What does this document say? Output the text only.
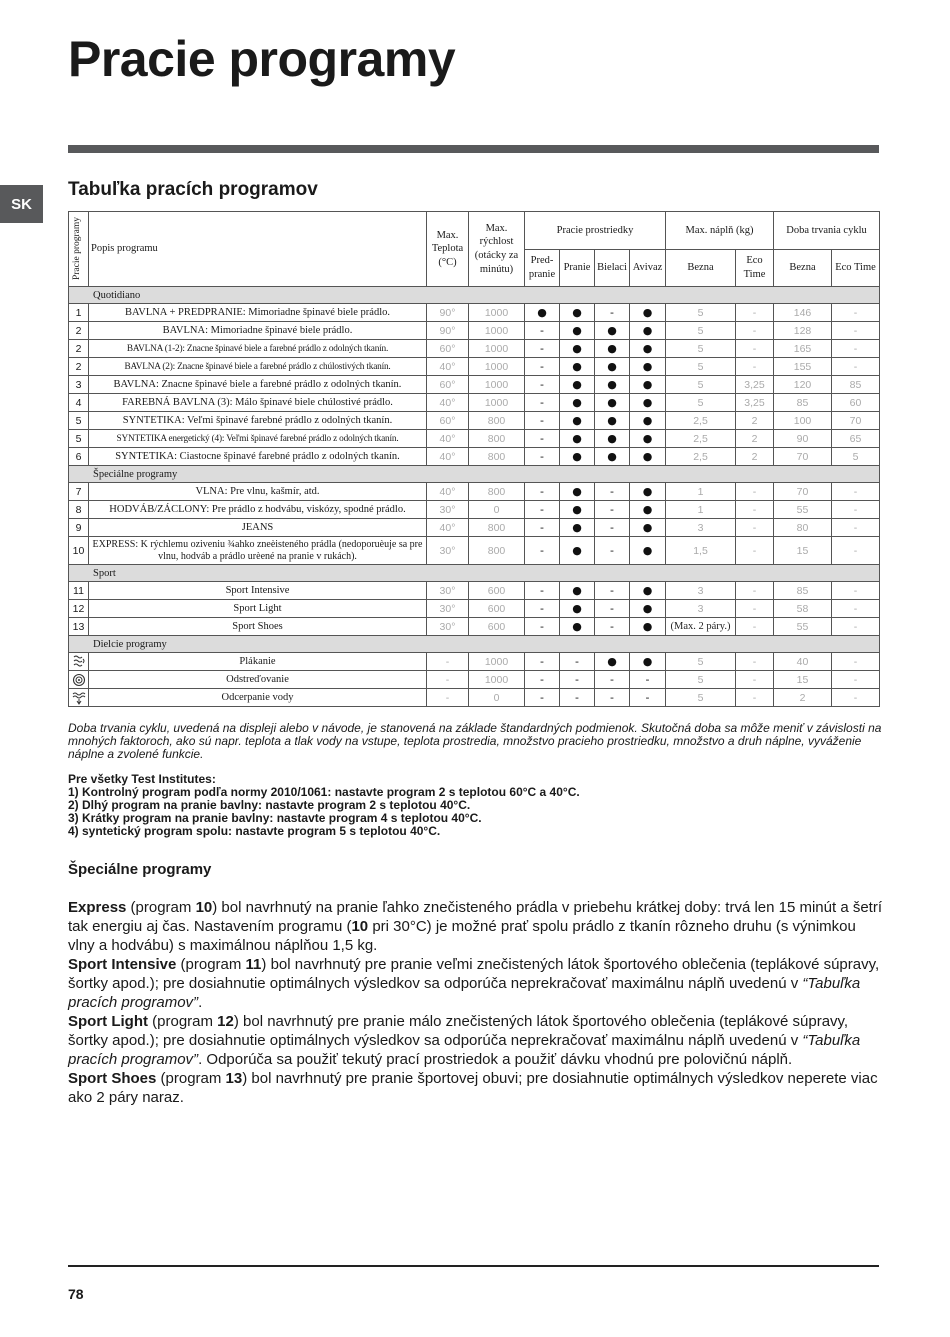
Pracie programy
SK
Tabuľka pracích programov
Pracie programy	Popis programu	Max. Teplota (°C)	Max. rýchlost (otácky za minútu)	Pracie prostriedky				Max. náplň (kg)		Doba trvania cyklu	
				Pred-pranie	Pranie	Bielaci	Avivaz	Bezna	Eco Time	Bezna	Eco Time
Quotidiano											
1	BAVLNA + PREDPRANIE: Mimoriadne špinavé biele prádlo.	90°	1000	●	●	-	●	5	-	146	-
2	BAVLNA: Mimoriadne špinavé biele prádlo.	90°	1000	-	●	●	●	5	-	128	-
2	BAVLNA (1-2): Znacne špinavé biele a farebné prádlo z odolných tkanín.	60°	1000	-	●	●	●	5	-	165	-
2	BAVLNA (2): Znacne špinavé biele a farebné prádlo z chúlostivých tkanín.	40°	1000	-	●	●	●	5	-	155	-
3	BAVLNA: Znacne špinavé biele a farebné prádlo z odolných tkanín.	60°	1000	-	●	●	●	5	3,25	120	85
4	FAREBNÁ BAVLNA (3): Málo špinavé biele chúlostivé prádlo.	40°	1000	-	●	●	●	5	3,25	85	60
5	SYNTETIKA: Veľmi špinavé farebné prádlo z odolných tkanín.	60°	800	-	●	●	●	2,5	2	100	70
5	SYNTETIKA energetický (4): Veľmi špinavé farebné prádlo z odolných tkanín.	40°	800	-	●	●	●	2,5	2	90	65
6	SYNTETIKA: Ciastocne špinavé farebné prádlo z odolných tkanín.	40°	800	-	●	●	●	2,5	2	70	5
Špeciálne programy											
7	VLNA: Pre vlnu, kašmír, atd.	40°	800	-	●	-	●	1	-	70	-
8	HODVÁB/ZÁCLONY: Pre prádlo z hodvábu, viskózy, spodné prádlo.	30°	0	-	●	-	●	1	-	55	-
9	JEANS	40°	800	-	●	-	●	3	-	80	-
10	EXPRESS: K rýchlemu oziveniu ¾ahko zneèisteného prádla (nedoporuèuje sa pre vlnu, hodváb a prádlo urèené na pranie v rukách).	30°	800	-	●	-	●	1,5	-	15	-
Sport											
11	Sport Intensive	30°	600	-	●	-	●	3	-	85	-
12	Sport Light	30°	600	-	●	-	●	3	-	58	-
13	Sport Shoes	30°	600	-	●	-	●	(Max. 2 páry.)	-	55	-
Dielcie programy											

	Plákanie	-	1000	-	-	●	●	5	-	40	-

	Odstreďovanie	-	1000	-	-	-	-	5	-	15	-

	Odcerpanie vody	-	0	-	-	-	-	5	-	2	-
Doba trvania cyklu, uvedená na displeji alebo v návode, je stanovená na základe štandardných podmienok. Skutočná doba sa môže meniť v závislosti na mnohých faktoroch, ako sú napr. teplota a tlak vody na vstupe, teplota prostredia, množstvo pracieho prostriedku, množstvo a druh náplne, vyváženie náplne a zvolené funkcie.
Pre všetky Test Institutes:
1) Kontrolný program podľa normy 2010/1061: nastavte program 2 s teplotou 60°C a 40°C.
2) Dlhý program na pranie bavlny: nastavte program 2 s teplotou 40°C.
3) Krátky program na pranie bavlny: nastavte program 4 s teplotou 40°C.
4) syntetický program spolu: nastavte program 5 s teplotou 40°C.
Špeciálne programy

Express (program 10) bol navrhnutý na pranie ľahko znečisteného prádla v priebehu krátkej doby: trvá len 15 minút a šetrí tak energiu aj čas. Nastavením programu (10 pri 30°C) je možné prať spolu prádlo z tkanín rôzneho druhu (s výnimkou vlny a hodvábu) s maximálnou náplňou 1,5 kg.

Sport Intensive (program 11) bol navrhnutý pre pranie veľmi znečistených látok športového oblečenia (teplákové súpravy, šortky apod.); pre dosiahnutie optimálnych výsledkov sa odporúča neprekračovať maximálnu náplň uvedenú v “Tabuľka pracích programov”.

Sport Light (program 12) bol navrhnutý pre pranie málo znečistených látok športového oblečenia (teplákové súpravy, šortky apod.); pre dosiahnutie optimálnych výsledkov sa odporúča neprekračovať maximálnu náplň uvedenú v “Tabuľka pracích programov”. Odporúča sa použiť tekutý prací prostriedok a použiť dávku vhodnú pre polovičnú náplň.

Sport Shoes (program 13) bol navrhnutý pre pranie športovej obuvi; pre dosiahnutie optimálnych výsledkov neperete viac ako 2 páry naraz.

78
